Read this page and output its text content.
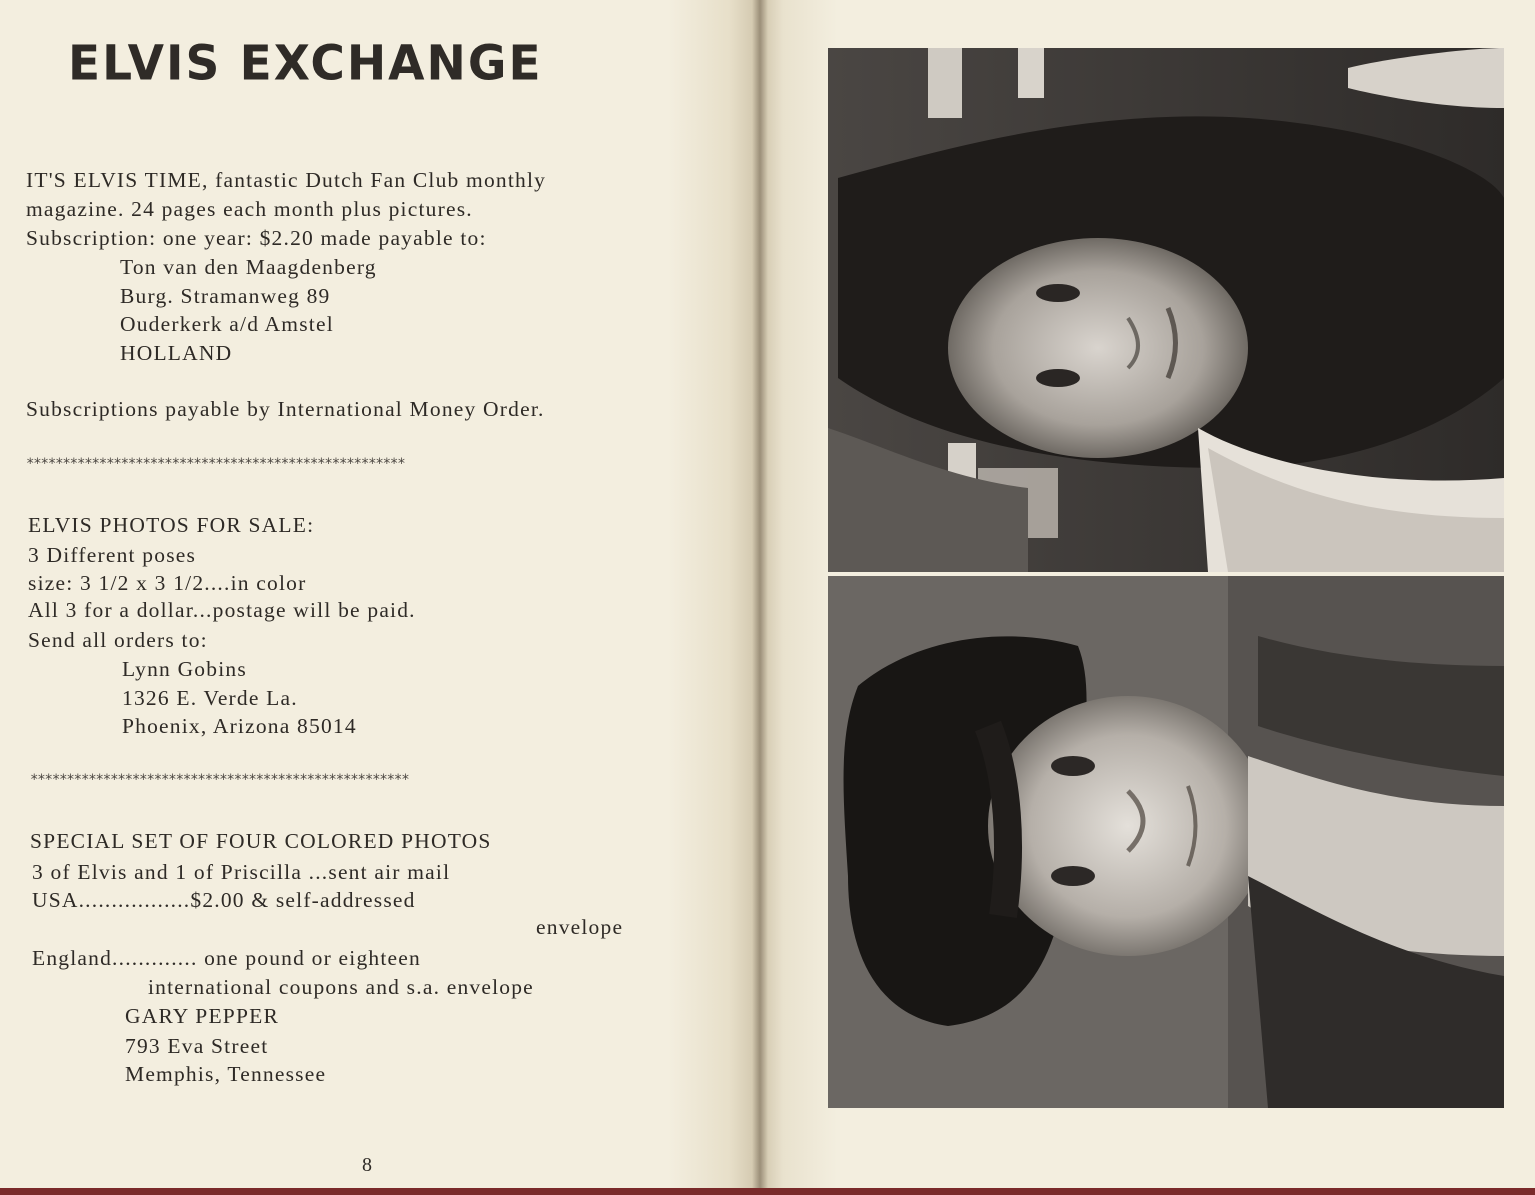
ELVIS EXCHANGE
IT'S ELVIS TIME, fantastic Dutch Fan Club monthly
magazine. 24 pages each month plus pictures.
Subscription: one year: $2.20 made payable to:
Ton van den Maagdenberg
Burg. Stramanweg 89
Ouderkerk a/d Amstel
HOLLAND
Subscriptions payable by International Money Order.
****************************************************
ELVIS PHOTOS FOR SALE:
3 Different poses
size: 3 1/2 x 3 1/2....in color
All 3 for a dollar...postage will be paid.
Send all orders to:
Lynn Gobins
1326 E. Verde La.
Phoenix, Arizona 85014
****************************************************
SPECIAL SET OF FOUR COLORED PHOTOS
3 of Elvis and 1 of Priscilla ...sent air mail
USA.................$2.00 & self-addressed
envelope
England............. one pound or eighteen
international coupons and s.a. envelope
GARY PEPPER
793 Eva Street
Memphis, Tennessee
8
